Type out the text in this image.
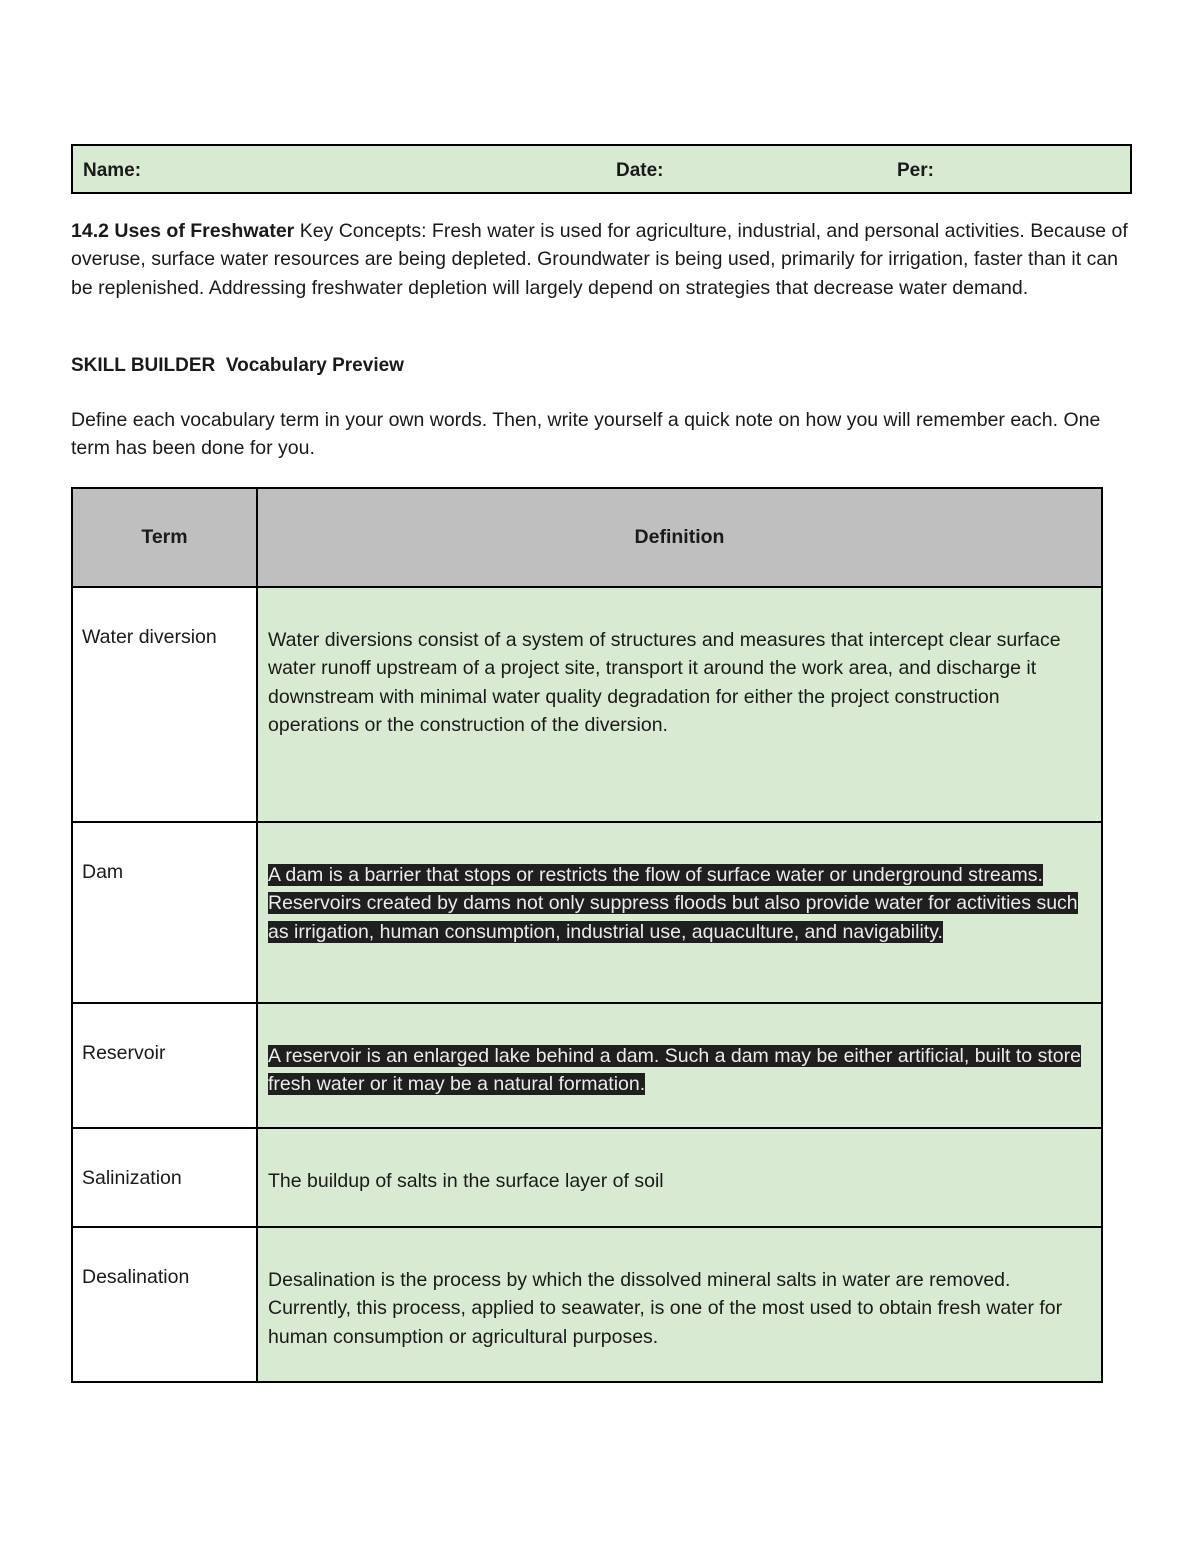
Name:	Date:	Per:
14.2 Uses of Freshwater Key Concepts: Fresh water is used for agriculture, industrial, and personal activities. Because of overuse, surface water resources are being depleted. Groundwater is being used, primarily for irrigation, faster than it can be replenished. Addressing freshwater depletion will largely depend on strategies that decrease water demand.
SKILL BUILDER  Vocabulary Preview
Define each vocabulary term in your own words. Then, write yourself a quick note on how you will remember each. One term has been done for you.
Term	Definition
Water diversion	Water diversions consist of a system of structures and measures that intercept clear surface water runoff upstream of a project site, transport it around the work area, and discharge it downstream with minimal water quality degradation for either the project construction operations or the construction of the diversion.
Dam	A dam is a barrier that stops or restricts the flow of surface water or underground streams. Reservoirs created by dams not only suppress floods but also provide water for activities such as irrigation, human consumption, industrial use, aquaculture, and navigability.
Reservoir	A reservoir is an enlarged lake behind a dam. Such a dam may be either artificial, built to store fresh water or it may be a natural formation.
Salinization	The buildup of salts in the surface layer of soil
Desalination	Desalination is the process by which the dissolved mineral salts in water are removed. Currently, this process, applied to seawater, is one of the most used to obtain fresh water for human consumption or agricultural purposes.
